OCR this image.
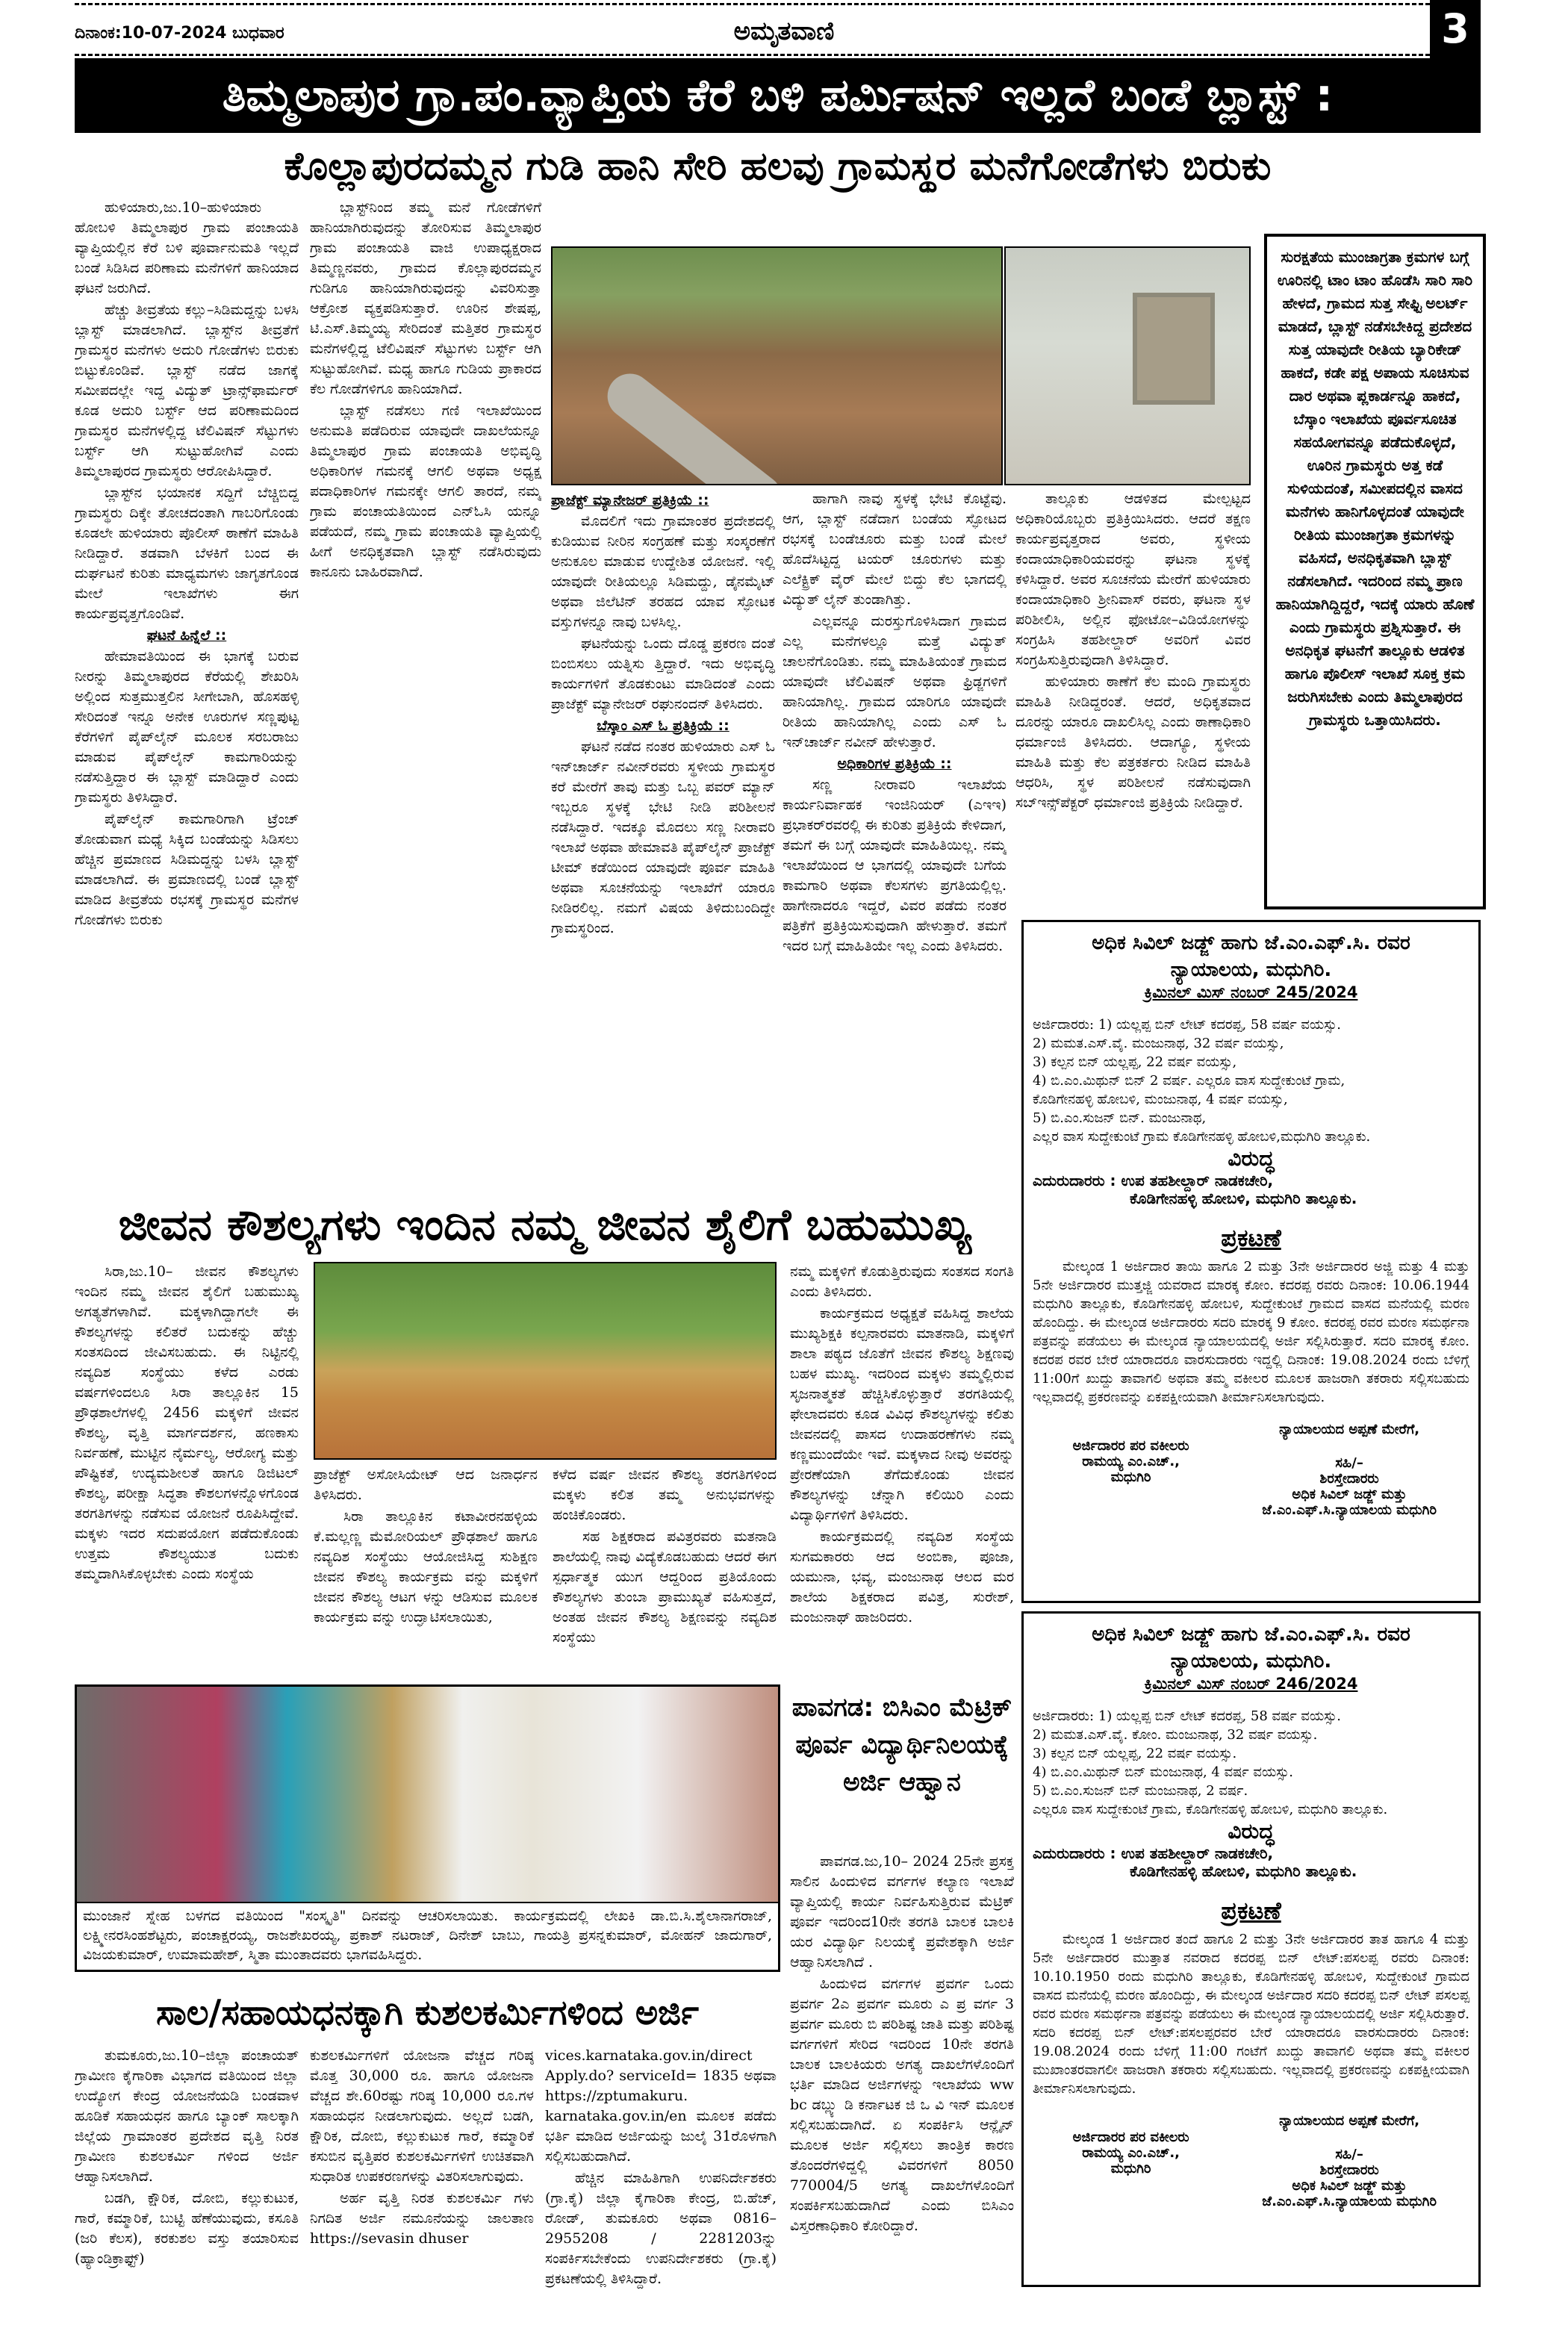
ದಿನಾಂಕ:10-07-2024 ಬುಧವಾರ	ಅಮೃತವಾಣಿ	3
ತಿಮ್ಮಲಾಪುರ ಗ್ರಾ.ಪಂ.ವ್ಯಾಪ್ತಿಯ ಕೆರೆ ಬಳಿ ಪರ್ಮಿಷನ್ ಇಲ್ಲದೆ ಬಂಡೆ ಬ್ಲಾಸ್ಟ್ :
ಕೊಲ್ಲಾಪುರದಮ್ಮನ ಗುಡಿ ಹಾನಿ ಸೇರಿ ಹಲವು ಗ್ರಾಮಸ್ಥರ ಮನೆಗೋಡೆಗಳು ಬಿರುಕು

ಹುಳಿಯಾರು,ಜು.10–ಹುಳಿಯಾರು ಹೋಬಳಿ ತಿಮ್ಮಲಾಪುರ ಗ್ರಾಮ ಪಂಚಾಯತಿ ವ್ಯಾಪ್ತಿಯಲ್ಲಿನ ಕೆರೆ ಬಳಿ ಪೂರ್ವಾನುಮತಿ ಇಲ್ಲದೆ ಬಂಡೆ ಸಿಡಿಸಿದ ಪರಿಣಾಮ ಮನೆಗಳಿಗೆ ಹಾನಿಯಾದ ಘಟನೆ ಜರುಗಿದೆ.

ಹೆಚ್ಚು ತೀವ್ರತೆಯ ಕಲ್ಲು–ಸಿಡಿಮದ್ದನ್ನು ಬಳಸಿ ಬ್ಲಾಸ್ಟ್ ಮಾಡಲಾಗಿದೆ. ಬ್ಲಾಸ್ಟ್‌ನ ತೀವ್ರತೆಗೆ ಗ್ರಾಮಸ್ಥರ ಮನೆಗಳು ಅದುರಿ ಗೋಡೆಗಳು ಬಿರುಕು ಬಿಟ್ಟುಕೊಂಡಿವೆ. ಬ್ಲಾಸ್ಟ್ ನಡೆದ ಜಾಗಕ್ಕೆ ಸಮೀಪದಲ್ಲೇ ಇದ್ದ ವಿದ್ಯುತ್ ಟ್ರಾನ್ಸ್‌ಫಾರ್ಮರ್ ಕೂಡ ಅದುರಿ ಬರ್ಸ್ಟ್ ಆದ ಪರಿಣಾಮದಿಂದ ಗ್ರಾಮಸ್ಥರ ಮನೆಗಳಲ್ಲಿದ್ದ ಟೆಲಿವಿಷನ್ ಸೆಟ್ಟುಗಳು ಬರ್ಸ್ಟ್ ಆಗಿ ಸುಟ್ಟುಹೋಗಿವೆ ಎಂದು ತಿಮ್ಮಲಾಪುರದ ಗ್ರಾಮಸ್ಥರು ಆರೋಪಿಸಿದ್ದಾರೆ.

ಬ್ಲಾಸ್ಟ್‌ನ ಭಯಾನಕ ಸದ್ದಿಗೆ ಬೆಚ್ಚಿಬಿದ್ದ ಗ್ರಾಮಸ್ಥರು ದಿಕ್ಕೇ ತೋಚದಂತಾಗಿ ಗಾಬರಿಗೊಂಡು ಕೂಡಲೇ ಹುಳಿಯಾರು ಪೊಲೀಸ್ ಠಾಣೆಗೆ ಮಾಹಿತಿ ನೀಡಿದ್ದಾರೆ. ತಡವಾಗಿ ಬೆಳಕಿಗೆ ಬಂದ ಈ ದುರ್ಘಟನೆ ಕುರಿತು ಮಾಧ್ಯಮಗಳು ಜಾಗೃತಗೊಂಡ ಮೇಲೆ ಇಲಾಖೆಗಳು ಈಗ ಕಾರ್ಯಪ್ರವೃತ್ತಗೊಂಡಿವೆ.

ಘಟನೆ ಹಿನ್ನೆಲೆ ::

ಹೇಮಾವತಿಯಿಂದ ಈ ಭಾಗಕ್ಕೆ ಬರುವ ನೀರನ್ನು ತಿಮ್ಮಲಾಪುರದ ಕೆರೆಯಲ್ಲಿ ಶೇಖರಿಸಿ ಅಲ್ಲಿಂದ ಸುತ್ತಮುತ್ತಲಿನ ಸೀಗೇಬಾಗಿ, ಹೊಸಹಳ್ಳಿ ಸೇರಿದಂತೆ ಇನ್ನೂ ಅನೇಕ ಊರುಗಳ ಸಣ್ಣಪುಟ್ಟ ಕೆರೆಗಳಿಗೆ ಪೈಪ್‌ಲೈನ್ ಮೂಲಕ ಸರಬರಾಜು ಮಾಡುವ ಪೈಪ್‌ಲೈನ್ ಕಾಮಗಾರಿಯನ್ನು ನಡೆಸುತ್ತಿದ್ದಾರ ಈ ಬ್ಲಾಸ್ಟ್ ಮಾಡಿದ್ದಾರೆ ಎಂದು ಗ್ರಾಮಸ್ಥರು ತಿಳಿಸಿದ್ದಾರೆ.

ಪೈಪ್‌ಲೈನ್ ಕಾಮಗಾರಿಗಾಗಿ ಟ್ರೆಂಚ್ ತೋಡುವಾಗ ಮಧ್ಯೆ ಸಿಕ್ಕಿದ ಬಂಡೆಯನ್ನು ಸಿಡಿಸಲು ಹೆಚ್ಚಿನ ಪ್ರಮಾಣದ ಸಿಡಿಮದ್ದನ್ನು ಬಳಸಿ ಬ್ಲಾಸ್ಟ್ ಮಾಡಲಾಗಿದೆ. ಈ ಪ್ರಮಾಣದಲ್ಲಿ ಬಂಡೆ ಬ್ಲಾಸ್ಟ್ ಮಾಡಿದ ತೀವ್ರತೆಯ ರಭಸಕ್ಕೆ ಗ್ರಾಮಸ್ಥರ ಮನೆಗಳ ಗೋಡೆಗಳು ಬಿರುಕು

ಬ್ಲಾಸ್ಟ್‌ನಿಂದ ತಮ್ಮ ಮನೆ ಗೋಡೆಗಳಿಗೆ ಹಾನಿಯಾಗಿರುವುದನ್ನು ತೋರಿಸುವ ತಿಮ್ಮಲಾಪುರ ಗ್ರಾಮ ಪಂಚಾಯತಿ ವಾಜಿ ಉಪಾಧ್ಯಕ್ಷರಾದ ತಿಮ್ಮಣ್ಣನವರು, ಗ್ರಾಮದ ಕೊಲ್ಲಾಪುರದಮ್ಮನ ಗುಡಿಗೂ ಹಾನಿಯಾಗಿರುವುದನ್ನು ವಿವರಿಸುತ್ತಾ ಆಕ್ರೋಶ ವ್ಯಕ್ತಪಡಿಸುತ್ತಾರೆ. ಊರಿನ ಶೇಷಪ್ಪ, ಟಿ.ಎಸ್.ತಿಮ್ಮಯ್ಯ ಸೇರಿದಂತೆ ಮತ್ತಿತರ ಗ್ರಾಮಸ್ಥರ ಮನೆಗಳಲ್ಲಿದ್ದ ಟೆಲಿವಿಷನ್ ಸೆಟ್ಟುಗಳು ಬರ್ಸ್ಟ್ ಆಗಿ ಸುಟ್ಟುಹೋಗಿವೆ. ಮಧ್ಯ ಹಾಗೂ ಗುಡಿಯ ಪ್ರಾಕಾರದ ಕೆಲ ಗೋಡೆಗಳಿಗೂ ಹಾನಿಯಾಗಿದೆ.

ಬ್ಲಾಸ್ಟ್ ನಡೆಸಲು ಗಣಿ ಇಲಾಖೆಯಿಂದ ಅನುಮತಿ ಪಡೆದಿರುವ ಯಾವುದೇ ದಾಖಲೆಯನ್ನೂ ತಿಮ್ಮಲಾಪುರ ಗ್ರಾಮ ಪಂಚಾಯತಿ ಅಭಿವೃದ್ಧಿ ಅಧಿಕಾರಿಗಳ ಗಮನಕ್ಕೆ ಆಗಲಿ ಅಥವಾ ಅಧ್ಯಕ್ಷ ಪದಾಧಿಕಾರಿಗಳ ಗಮನಕ್ಕೇ ಆಗಲಿ ತಾರದೆ, ನಮ್ಮ ಗ್ರಾಮ ಪಂಚಾಯತಿಯಿಂದ ಎನ್‌ಓಸಿ ಯನ್ನೂ ಪಡೆಯದೆ, ನಮ್ಮ ಗ್ರಾಮ ಪಂಚಾಯತಿ ವ್ಯಾಪ್ತಿಯಲ್ಲಿ ಹೀಗೆ ಅನಧಿಕೃತವಾಗಿ ಬ್ಲಾಸ್ಟ್ ನಡೆಸಿರುವುದು ಕಾನೂನು ಬಾಹಿರವಾಗಿದೆ.

ಪ್ರಾಜೆಕ್ಟ್ ಮ್ಯಾನೇಜರ್ ಪ್ರತಿಕ್ರಿಯೆ ::

ಮೊದಲಿಗೆ ಇದು ಗ್ರಾಮಾಂತರ ಪ್ರದೇಶದಲ್ಲಿ ಕುಡಿಯುವ ನೀರಿನ ಸಂಗ್ರಹಣೆ ಮತ್ತು ಸಂಸ್ಕರಣೆಗೆ ಅನುಕೂಲ ಮಾಡುವ ಉದ್ದೇಶಿತ ಯೋಜನೆ. ಇಲ್ಲಿ ಯಾವುದೇ ರೀತಿಯಲ್ಲೂ ಸಿಡಿಮದ್ದು, ಡೈನಮೈಟ್ ಅಥವಾ ಜಿಲೆಟಿನ್ ತರಹದ ಯಾವ ಸ್ಫೋಟಕ ವಸ್ತುಗಳನ್ನೂ ನಾವು ಬಳಸಿಲ್ಲ.

ಘಟನೆಯನ್ನು ಒಂದು ದೊಡ್ಡ ಪ್ರಕರಣ ದಂತೆ ಬಿಂಬಿಸಲು ಯತ್ನಿಸು ತ್ತಿದ್ದಾರೆ. ಇದು ಅಭಿವೃದ್ಧಿ ಕಾರ್ಯಗಳಿಗೆ ತೊಡಕುಂಟು ಮಾಡಿದಂತೆ ಎಂದು ಪ್ರಾಜೆಕ್ಟ್ ಮ್ಯಾನೇಜರ್ ರಘುನಂದನ್ ತಿಳಿಸಿದರು.

ಬೆಸ್ಕಾಂ ಎಸ್ ಓ ಪ್ರತಿಕ್ರಿಯೆ ::

ಘಟನೆ ನಡೆದ ನಂತರ ಹುಳಿಯಾರು ಎಸ್ ಓ ಇನ್‌ಚಾರ್ಜ್ ನವೀನ್‌ರವರು ಸ್ಥಳೀಯ ಗ್ರಾಮಸ್ಥರ ಕರೆ ಮೇರೆಗೆ ತಾವು ಮತ್ತು ಒಬ್ಬ ಪವರ್ ಮ್ಯಾನ್ ಇಬ್ಬರೂ ಸ್ಥಳಕ್ಕೆ ಭೇಟಿ ನೀಡಿ ಪರಿಶೀಲನೆ ನಡೆಸಿದ್ದಾರೆ. ಇದಕ್ಕೂ ಮೊದಲು ಸಣ್ಣ ನೀರಾವರಿ ಇಲಾಖೆ ಅಥವಾ ಹೇಮಾವತಿ ಪೈಪ್‌ಲೈನ್ ಪ್ರಾಜೆಕ್ಟ್ ಟೀಮ್ ಕಡೆಯಿಂದ ಯಾವುದೇ ಪೂರ್ವ ಮಾಹಿತಿ ಅಥವಾ ಸೂಚನೆಯನ್ನು ಇಲಾಖೆಗೆ ಯಾರೂ ನೀಡಿರಲಿಲ್ಲ. ನಮಗೆ ವಿಷಯ ತಿಳಿದುಬಂದಿದ್ದೇ ಗ್ರಾಮಸ್ಥರಿಂದ.

ಹಾಗಾಗಿ ನಾವು ಸ್ಥಳಕ್ಕೆ ಭೇಟಿ ಕೊಟ್ಟೆವು. ಆಗ, ಬ್ಲಾಸ್ಟ್ ನಡೆದಾಗ ಬಂಡೆಯ ಸ್ಫೋಟದ ರಭಸಕ್ಕೆ ಬಂಡೆಚೂರು ಮತ್ತು ಬಂಡೆ ಮೇಲೆ ಹೊದೆಸಿಟ್ಟದ್ದ ಟಯರ್ ಚೂರುಗಳು ಮತ್ತು ಎಲೆಕ್ಟ್ರಿಕ್ ವೈರ್ ಮೇಲೆ ಬಿದ್ದು ಕೆಲ ಭಾಗದಲ್ಲಿ ವಿದ್ಯುತ್ ಲೈನ್ ತುಂಡಾಗಿತ್ತು.

ಎಲ್ಲವನ್ನೂ ದುರಸ್ತುಗೊಳಿಸಿದಾಗ ಗ್ರಾಮದ ಎಲ್ಲ ಮನೆಗಳಲ್ಲೂ ಮತ್ತೆ ವಿದ್ಯುತ್ ಚಾಲನೆಗೊಂಡಿತು. ನಮ್ಮ ಮಾಹಿತಿಯಂತೆ ಗ್ರಾಮದ ಯಾವುದೇ ಟೆಲಿವಿಷನ್ ಅಥವಾ ಫ್ರಿಡ್ಜಗಳಿಗೆ ಹಾನಿಯಾಗಿಲ್ಲ. ಗ್ರಾಮದ ಯಾರಿಗೂ ಯಾವುದೇ ರೀತಿಯ ಹಾನಿಯಾಗಿಲ್ಲ ಎಂದು ಎಸ್ ಓ ಇನ್‌ಚಾರ್ಜ್ ನವೀನ್ ಹೇಳುತ್ತಾರೆ.

ಅಧಿಕಾರಿಗಳ ಪ್ರತಿಕ್ರಿಯೆ ::

ಸಣ್ಣ ನೀರಾವರಿ ಇಲಾಖೆಯ ಕಾರ್ಯನಿರ್ವಾಹಕ ಇಂಜಿನಿಯರ್ (ಎಇಇ) ಪ್ರಭಾಕರ್‌ರವರಲ್ಲಿ ಈ ಕುರಿತು ಪ್ರತಿಕ್ರಿಯೆ ಕೇಳಿದಾಗ, ತಮಗೆ ಈ ಬಗ್ಗೆ ಯಾವುದೇ ಮಾಹಿತಿಯಿಲ್ಲ. ನಮ್ಮ ಇಲಾಖೆಯಿಂದ ಆ ಭಾಗದಲ್ಲಿ ಯಾವುದೇ ಬಗೆಯ ಕಾಮಗಾರಿ ಅಥವಾ ಕೆಲಸಗಳು ಪ್ರಗತಿಯಲ್ಲಿಲ್ಲ. ಹಾಗೇನಾದರೂ ಇದ್ದರೆ, ವಿವರ ಪಡೆದು ನಂತರ ಪತ್ರಿಕೆಗೆ ಪ್ರತಿಕ್ರಿಯಿಸುವುದಾಗಿ ಹೇಳುತ್ತಾರೆ. ತಮಗೆ ಇದರ ಬಗ್ಗೆ ಮಾಹಿತಿಯೇ ಇಲ್ಲ ಎಂದು ತಿಳಿಸಿದರು.

ತಾಲ್ಲೂಕು ಆಡಳಿತದ ಮೇಲ್ಪಟ್ಟದ ಅಧಿಕಾರಿಯೊಬ್ಬರು ಪ್ರತಿಕ್ರಿಯಿಸಿದರು. ಆದರೆ ತಕ್ಷಣ ಕಾರ್ಯಪ್ರವೃತ್ತರಾದ ಅವರು, ಸ್ಥಳೀಯ ಕಂದಾಯಾಧಿಕಾರಿಯವರನ್ನು ಘಟನಾ ಸ್ಥಳಕ್ಕೆ ಕಳಿಸಿದ್ದಾರೆ. ಅವರ ಸೂಚನೆಯ ಮೇರೆಗೆ ಹುಳಿಯಾರು ಕಂದಾಯಾಧಿಕಾರಿ ಶ್ರೀನಿವಾಸ್ ರವರು, ಘಟನಾ ಸ್ಥಳ ಪರಿಶೀಲಿಸಿ, ಅಲ್ಲಿನ ಫೋಟೋ–ವಿಡಿಯೋಗಳನ್ನು ಸಂಗ್ರಹಿಸಿ ತಹಶೀಲ್ದಾರ್ ಅವರಿಗೆ ವಿವರ ಸಂಗ್ರಹಿಸುತ್ತಿರುವುದಾಗಿ ತಿಳಿಸಿದ್ದಾರೆ.

ಹುಳಿಯಾರು ಠಾಣೆಗೆ ಕೆಲ ಮಂದಿ ಗ್ರಾಮಸ್ಥರು ಮಾಹಿತಿ ನೀಡಿದ್ದರಂತೆ. ಆದರೆ, ಅಧಿಕೃತವಾದ ದೂರನ್ನು ಯಾರೂ ದಾಖಲಿಸಿಲ್ಲ ಎಂದು ಠಾಣಾಧಿಕಾರಿ ಧರ್ಮಾಂಜಿ ತಿಳಿಸಿದರು. ಆದಾಗ್ಯೂ, ಸ್ಥಳೀಯ ಮಾಹಿತಿ ಮತ್ತು ಕೆಲ ಪತ್ರಕರ್ತರು ನೀಡಿದ ಮಾಹಿತಿ ಆಧರಿಸಿ, ಸ್ಥಳ ಪರಿಶೀಲನೆ ನಡೆಸುವುದಾಗಿ ಸಬ್‌ಇನ್ಸ್‌ಪೆಕ್ಟರ್ ಧರ್ಮಾಂಜಿ ಪ್ರತಿಕ್ರಿಯೆ ನೀಡಿದ್ದಾರೆ.

ಸುರಕ್ಷತೆಯ ಮುಂಜಾಗ್ರತಾ ಕ್ರಮಗಳ ಬಗ್ಗೆ ಊರಿನಲ್ಲಿ ಟಾಂ ಟಾಂ ಹೊಡೆಸಿ ಸಾರಿ ಸಾರಿ ಹೇಳದೆ, ಗ್ರಾಮದ ಸುತ್ತ ಸೇಫ್ಟಿ ಅಲರ್ಟ್ ಮಾಡದೆ, ಬ್ಲಾಸ್ಟ್ ನಡೆಸಬೇಕಿದ್ದ ಪ್ರದೇಶದ ಸುತ್ತ ಯಾವುದೇ ರೀತಿಯ ಬ್ಯಾರಿಕೇಡ್ ಹಾಕದೆ, ಕಡೇ ಪಕ್ಷ ಅಪಾಯ ಸೂಚಿಸುವ ದಾರ ಅಥವಾ ಪ್ಲಕಾರ್ಡನ್ನೂ ಹಾಕದೆ, ಬೆಸ್ಕಾಂ ಇಲಾಖೆಯ ಪೂರ್ವಸೂಚಿತ ಸಹಯೋಗವನ್ನೂ ಪಡೆದುಕೊಳ್ಳದೆ, ಊರಿನ ಗ್ರಾಮಸ್ಥರು ಅತ್ತ ಕಡೆ ಸುಳಿಯದಂತೆ, ಸಮೀಪದಲ್ಲಿನ ವಾಸದ ಮನೆಗಳು ಹಾನಿಗೊಳ್ಳದಂತೆ ಯಾವುದೇ ರೀತಿಯ ಮುಂಜಾಗ್ರತಾ ಕ್ರಮಗಳನ್ನು ವಹಿಸದೆ, ಅನಧಿಕೃತವಾಗಿ ಬ್ಲಾಸ್ಟ್ ನಡೆಸಲಾಗಿದೆ. ಇದರಿಂದ ನಮ್ಮ ಪ್ರಾಣ ಹಾನಿಯಾಗಿದ್ದಿದ್ದರೆ, ಇದಕ್ಕೆ ಯಾರು ಹೊಣೆ ಎಂದು ಗ್ರಾಮಸ್ಥರು ಪ್ರಶ್ನಿಸುತ್ತಾರೆ. ಈ ಅನಧಿಕೃತ ಘಟನೆಗೆ ತಾಲ್ಲೂಕು ಆಡಳಿತ ಹಾಗೂ ಪೊಲೀಸ್ ಇಲಾಖೆ ಸೂಕ್ತ ಕ್ರಮ ಜರುಗಿಸಬೇಕು ಎಂದು ತಿಮ್ಮಲಾಪುರದ ಗ್ರಾಮಸ್ಥರು ಒತ್ತಾಯಿಸಿದರು.
ಅಧಿಕ ಸಿವಿಲ್ ಜಡ್ಜ್ ಹಾಗು ಜೆ.ಎಂ.ಎಫ್.ಸಿ. ರವರ
ನ್ಯಾಯಾಲಯ, ಮಧುಗಿರಿ.
ಕ್ರಿಮಿನಲ್ ಮಿಸ್ ನಂಬರ್ 245/2024
ಅರ್ಜಿದಾರರು: 1) ಯಲ್ಲಪ್ಪ ಬಿನ್ ಲೇಟ್ ಕದರಪ್ಪ, 58 ವರ್ಷ ವಯಸ್ಸು.
2) ಮಮತ.ಎಸ್.ವೈ. ಮಂಜುನಾಥ, 32 ವರ್ಷ ವಯಸ್ಸು,
3) ಕಲ್ಪನ ಬಿನ್ ಯಲ್ಲಪ್ಪ, 22 ವರ್ಷ ವಯಸ್ಸು,
4) ಬಿ.ಎಂ.ಮಿಥುನ್ ಬಿನ್ 2 ವರ್ಷ. ಎಲ್ಲರೂ ವಾಸ ಸುದ್ದೇಕುಂಟೆ ಗ್ರಾಮ,
ಕೊಡಿಗೇನಹಳ್ಳಿ ಹೋಬಳಿ, ಮಂಜುನಾಥ, 4 ವರ್ಷ ವಯಸ್ಸು,
5) ಬಿ.ಎಂ.ಸುಜನ್ ಬಿನ್. ಮಂಜುನಾಥ,
ಎಲ್ಲರ ವಾಸ ಸುದ್ದೇಕುಂಟೆ ಗ್ರಾಮ ಕೊಡಿಗೇನಹಳ್ಳಿ ಹೋಬಳಿ,ಮಧುಗಿರಿ ತಾಲ್ಲೂಕು.
ವಿರುದ್ಧ
ಎದುರುದಾರರು : ಉಪ ತಹಶೀಲ್ದಾರ್ ನಾಡಕಚೇರಿ,
ಕೊಡಿಗೇನಹಳ್ಳಿ ಹೋಬಳಿ, ಮಧುಗಿರಿ ತಾಲ್ಲೂಕು.
ಪ್ರಕಟಣೆ
ಮೇಲ್ಕಂಡ 1 ಅರ್ಜಿದಾರ ತಾಯಿ ಹಾಗೂ 2 ಮತ್ತು 3ನೇ ಅರ್ಜಿದಾರರ ಅಜ್ಜಿ ಮತ್ತು 4 ಮತ್ತು 5ನೇ ಅರ್ಜಿದಾರರ ಮುತ್ತಜ್ಜಿ ಯವರಾದ ಮಾರಕ್ಕ ಕೋಂ. ಕದರಪ್ಪ ರವರು ದಿನಾಂಕ: 10.06.1944 ಮಧುಗಿರಿ ತಾಲ್ಲೂಕು, ಕೊಡಿಗೇನಹಳ್ಳಿ ಹೋಬಳಿ, ಸುದ್ದೇಕುಂಟೆ ಗ್ರಾಮದ ವಾಸದ ಮನೆಯಲ್ಲಿ ಮರಣ ಹೊಂದಿದ್ದು. ಈ ಮೇಲ್ಕಂಡ ಅರ್ಜಿದಾರರು ಸದರಿ ಮಾರಕ್ಕ 9 ಕೋಂ. ಕದರಪ್ಪ ರವರ ಮರಣ ಸಮರ್ಥನಾ ಪತ್ರವನ್ನು ಪಡೆಯಲು ಈ ಮೇಲ್ಕಂಡ ನ್ಯಾಯಾಲಯದಲ್ಲಿ ಅರ್ಜಿ ಸಲ್ಲಿಸಿರುತ್ತಾರೆ. ಸದರಿ ಮಾರಕ್ಕ ಕೋಂ. ಕದರಪ ರವರ ಬೇರೆ ಯಾರಾದರೂ ವಾರಸುದಾರರು ಇದ್ದಲ್ಲಿ ದಿನಾಂಕ: 19.08.2024 ರಂದು ಬೆಳಿಗ್ಗೆ 11:00ಗೆ ಖುದ್ದು ತಾವಾಗಲಿ ಅಥವಾ ತಮ್ಮ ವಕೀಲರ ಮೂಲಕ ಹಾಜರಾಗಿ ತಕರಾರು ಸಲ್ಲಿಸಬಹುದು ಇಲ್ಲವಾದಲ್ಲಿ ಪ್ರಕರಣವನ್ನು ಏಕಪಕ್ಷೀಯವಾಗಿ ತೀರ್ಮಾನಿಸಲಾಗುವುದು.
ಅರ್ಜಿದಾರರ ಪರ ವಕೀಲರು
ರಾಮಯ್ಯ ಎಂ.ಎಚ್.,
ಮಧುಗಿರಿ
ನ್ಯಾಯಾಲಯದ ಅಪ್ಪಣೆ ಮೇರೆಗೆ,
ಸಹಿ/–
ಶಿರಸ್ತೇದಾರರು
ಅಧಿಕ ಸಿವಿಲ್ ಜಡ್ಜ್ ಮತ್ತು
ಜೆ.ಎಂ.ಎಫ್.ಸಿ.ನ್ಯಾಯಾಲಯ ಮಧುಗಿರಿ
ಅಧಿಕ ಸಿವಿಲ್ ಜಡ್ಜ್ ಹಾಗು ಜೆ.ಎಂ.ಎಫ್.ಸಿ. ರವರ
ನ್ಯಾಯಾಲಯ, ಮಧುಗಿರಿ.
ಕ್ರಿಮಿನಲ್ ಮಿಸ್ ನಂಬರ್ 246/2024
ಅರ್ಜಿದಾರರು: 1) ಯಲ್ಲಪ್ಪ ಬಿನ್ ಲೇಟ್ ಕದರಪ್ಪ, 58 ವರ್ಷ ವಯಸ್ಸು.
2) ಮಮತ.ಎಸ್.ವೈ. ಕೋಂ. ಮಂಜುನಾಥ, 32 ವರ್ಷ ವಯಸ್ಸು.
3) ಕಲ್ಪನ ಬಿನ್ ಯಲ್ಲಪ್ಪ, 22 ವರ್ಷ ವಯಸ್ಸು.
4) ಬಿ.ಎಂ.ಮಿಥುನ್ ಬಿನ್ ಮಂಜುನಾಥ, 4 ವರ್ಷ ವಯಸ್ಸು.
5) ಬಿ.ಎಂ.ಸುಜನ್ ಬಿನ್ ಮಂಜುನಾಥ, 2 ವರ್ಷ.
ಎಲ್ಲರೂ ವಾಸ ಸುದ್ದೇಕುಂಟೆ ಗ್ರಾಮ, ಕೊಡಿಗೇನಹಳ್ಳಿ ಹೋಬಳಿ, ಮಧುಗಿರಿ ತಾಲ್ಲೂಕು.
ವಿರುದ್ಧ
ಎದುರುದಾರರು : ಉಪ ತಹಶೀಲ್ದಾರ್ ನಾಡಕಚೇರಿ,
ಕೊಡಿಗೇನಹಳ್ಳಿ ಹೋಬಳಿ, ಮಧುಗಿರಿ ತಾಲ್ಲೂಕು.
ಪ್ರಕಟಣೆ
ಮೇಲ್ಕಂಡ 1 ಅರ್ಜಿದಾರ ತಂದೆ ಹಾಗೂ 2 ಮತ್ತು 3ನೇ ಅರ್ಜಿದಾರರ ತಾತ ಹಾಗೂ 4 ಮತ್ತು 5ನೇ ಅರ್ಜಿದಾರರ ಮುತ್ತಾತ ನವರಾದ ಕದರಪ್ಪ ಬಿನ್ ಲೇಟ್:ಪಸಲಪ್ಪ ರವರು ದಿನಾಂಕ: 10.10.1950 ರಂದು ಮಧುಗಿರಿ ತಾಲ್ಲೂಕು, ಕೊಡಿಗೇನಹಳ್ಳಿ ಹೋಬಳಿ, ಸುದ್ದೇಕುಂಟೆ ಗ್ರಾಮದ ವಾಸದ ಮನೆಯಲ್ಲಿ ಮರಣ ಹೊಂದಿದ್ದು, ಈ ಮೇಲ್ಕಂಡ ಅರ್ಜಿದಾರ ಸದರಿ ಕದರಪ್ಪ ಬಿನ್ ಲೇಟ್ ಪಸಲಪ್ಪ ರವರ ಮರಣ ಸಮರ್ಥನಾ ಪತ್ರವನ್ನು ಪಡೆಯಲು ಈ ಮೇಲ್ಕಂಡ ನ್ಯಾಯಾಲಯದಲ್ಲಿ ಅರ್ಜಿ ಸಲ್ಲಿಸಿರುತ್ತಾರೆ. ಸದರಿ ಕದರಪ್ಪ ಬಿನ್ ಲೇಟ್:ಪಸಲಪ್ಪರವರ ಬೇರೆ ಯಾರಾದರೂ ವಾರಸುದಾರರು ದಿನಾಂಕ: 19.08.2024 ರಂದು ಬೆಳಿಗ್ಗೆ 11:00 ಗಂಟೆಗೆ ಖುದ್ದು ತಾವಾಗಲಿ ಅಥವಾ ತಮ್ಮ ವಕೀಲರ ಮುಖಾಂತರವಾಗಲೀ ಹಾಜರಾಗಿ ತಕರಾರು ಸಲ್ಲಿಸಬಹುದು. ಇಲ್ಲವಾದಲ್ಲಿ ಪ್ರಕರಣವನ್ನು ಏಕಪಕ್ಷೀಯವಾಗಿ ತೀರ್ಮಾನಿಸಲಾಗುವುದು.
ಅರ್ಜಿದಾರರ ಪರ ವಕೀಲರು
ರಾಮಯ್ಯ ಎಂ.ಎಚ್.,
ಮಧುಗಿರಿ
ನ್ಯಾಯಾಲಯದ ಅಪ್ಪಣೆ ಮೇರೆಗೆ,
ಸಹಿ/–
ಶಿರಸ್ತೇದಾರರು
ಅಧಿಕ ಸಿವಿಲ್ ಜಡ್ಜ್ ಮತ್ತು
ಜೆ.ಎಂ.ಎಫ್.ಸಿ.ನ್ಯಾಯಾಲಯ ಮಧುಗಿರಿ
ಜೀವನ ಕೌಶಲ್ಯಗಳು ಇಂದಿನ ನಮ್ಮ ಜೀವನ ಶೈಲಿಗೆ ಬಹುಮುಖ್ಯ

ಸಿರಾ,ಜು.10– ಜೀವನ ಕೌಶಲ್ಯಗಳು ಇಂದಿನ ನಮ್ಮ ಜೀವನ ಶೈಲಿಗೆ ಬಹುಮುಖ್ಯ ಅಗತ್ಯತೆಗಳಾಗಿವೆ. ಮಕ್ಕಳಾಗಿದ್ದಾಗಲೇ ಈ ಕೌಶಲ್ಯಗಳನ್ನು ಕಲಿತರೆ ಬದುಕನ್ನು ಹೆಚ್ಚು ಸಂತಸದಿಂದ ಜೀವಿಸಬಹುದು. ಈ ನಿಟ್ಟಿನಲ್ಲಿ ನವ್ಯದಿಶ ಸಂಸ್ಥೆಯು ಕಳೆದ ಎರಡು ವರ್ಷಗಳಿಂದಲೂ ಸಿರಾ ತಾಲ್ಲೂಕಿನ 15 ಪ್ರೌಢಶಾಲೆಗಳಲ್ಲಿ 2456 ಮಕ್ಕಳಿಗೆ ಜೀವನ ಕೌಶಲ್ಯ, ವೃತ್ತಿ ಮಾರ್ಗದರ್ಶನ, ಹಣಕಾಸು ನಿರ್ವಹಣೆ, ಮುಟ್ಟಿನ ನೈರ್ಮಲ್ಯ, ಆರೋಗ್ಯ ಮತ್ತು ಪೌಷ್ಟಿಕತೆ, ಉದ್ಯಮಶೀಲತೆ ಹಾಗೂ ಡಿಜಿಟಲ್ ಕೌಶಲ್ಯ, ಪರೀಕ್ಷಾ ಸಿದ್ಧತಾ ಕೌಶಲಗಳನ್ನೊಳಗೊಂಡ ತರಗತಿಗಳನ್ನು ನಡೆಸುವ ಯೋಜನೆ ರೂಪಿಸಿದ್ದೇವೆ. ಮಕ್ಕಳು ಇದರ ಸದುಪಯೋಗ ಪಡೆದುಕೊಂಡು ಉತ್ತಮ ಕೌಶಲ್ಯಯುತ ಬದುಕು ತಮ್ಮದಾಗಿಸಿಕೊಳ್ಳಬೇಕು ಎಂದು ಸಂಸ್ಥೆಯ

ಪ್ರಾಜೆಕ್ಟ್ ಅಸೋಸಿಯೇಟ್ ಆದ ಜನಾರ್ಧನ ತಿಳಿಸಿದರು.

ಸಿರಾ ತಾಲ್ಲೂಕಿನ ಕಟಾವೀರನಹಳ್ಳಿಯ ಕೆ.ಮಲ್ಲಣ್ಣ ಮೆಮೋರಿಯಲ್ ಪ್ರೌಢಶಾಲೆ ಹಾಗೂ ನವ್ಯದಿಶ ಸಂಸ್ಥೆಯು ಆಯೋಜಿಸಿದ್ದ ಸುಶಿಕ್ಷಣ ಜೀವನ ಕೌಶಲ್ಯ ಕಾರ್ಯಕ್ರಮ ವನ್ನು ಮಕ್ಕಳಿಗೆ ಜೀವನ ಕೌಶಲ್ಯ ಆಟಗ ಳನ್ನು ಆಡಿಸುವ ಮೂಲಕ ಕಾರ್ಯಕ್ರಮ ವನ್ನು ಉದ್ಘಾಟಿಸಲಾಯಿತು,

ಕಳೆದ ವರ್ಷ ಜೀವನ ಕೌಶಲ್ಯ ತರಗತಿಗಳಿಂದ ಮಕ್ಕಳು ಕಲಿತ ತಮ್ಮ ಅನುಭವಗಳನ್ನು ಹಂಚಿಕೊಂಡರು.

ಸಹ ಶಿಕ್ಷಕರಾದ ಪವಿತ್ರರವರು ಮತನಾಡಿ ಶಾಲೆಯಲ್ಲಿ ನಾವು ವಿದ್ಯೆಕೊಡಬಹುದು ಆದರೆ ಈಗ ಸ್ಪರ್ಧಾತ್ಮಕ ಯುಗ ಆದ್ದರಿಂದ ಪ್ರತಿಯೊಂದು ಕೌಶಲ್ಯಗಳು ತುಂಬಾ ಪ್ರಾಮುಖ್ಯತೆ ವಹಿಸುತ್ತದೆ, ಅಂತಹ ಜೀವನ ಕೌಶಲ್ಯ ಶಿಕ್ಷಣವನ್ನು ನವ್ಯದಿಶ ಸಂಸ್ಥೆಯು

ನಮ್ಮ ಮಕ್ಕಳಿಗೆ ಕೊಡುತ್ತಿರುವುದು ಸಂತಸದ ಸಂಗತಿ ಎಂದು ತಿಳಿಸಿದರು.

ಕಾರ್ಯಕ್ರಮದ ಅಧ್ಯಕ್ಷತೆ ವಹಿಸಿದ್ದ ಶಾಲೆಯ ಮುಖ್ಯಶಿಕ್ಷಕಿ ಕಲ್ಪನಾರವರು ಮಾತನಾಡಿ, ಮಕ್ಕಳಿಗೆ ಶಾಲಾ ಪಠ್ಯದ ಜೊತೆಗೆ ಜೀವನ ಕೌಶಲ್ಯ ಶಿಕ್ಷಣವು ಬಹಳ ಮುಖ್ಯ. ಇದರಿಂದ ಮಕ್ಕಳು ತಮ್ಮಲ್ಲಿರುವ ಸೃಜನಾತ್ಮಕತೆ ಹೆಚ್ಚಿಸಿಕೊಳ್ಳುತ್ತಾರೆ ತರಗತಿಯಲ್ಲಿ ಫೇಲಾದವರು ಕೂಡ ವಿವಿಧ ಕೌಶಲ್ಯಗಳನ್ನು ಕಲಿತು ಜೀವನದಲ್ಲಿ ಪಾಸದ ಉದಾಹರಣೆಗಳು ನಮ್ಮ ಕಣ್ಣಮುಂದೆಯೇ ಇವೆ. ಮಕ್ಕಳಾದ ನೀವು ಅವರನ್ನು ಪ್ರೇರಣೆಯಾಗಿ ತೆಗೆದುಕೊಂಡು ಜೀವನ ಕೌಶಲ್ಯಗಳನ್ನು ಚೆನ್ನಾಗಿ ಕಲಿಯಿರಿ ಎಂದು ವಿದ್ಯಾರ್ಥಿಗಳಿಗೆ ತಿಳಿಸಿದರು.

ಕಾರ್ಯಕ್ರಮದಲ್ಲಿ ನವ್ಯದಿಶ ಸಂಸ್ಥೆಯ ಸುಗಮಕಾರರು ಆದ ಅಂಬಿಕಾ, ಪೂಜಾ, ಯಮುನಾ, ಭವ್ಯ, ಮಂಜುನಾಥ ಆಲದ ಮರ ಶಾಲೆಯ ಶಿಕ್ಷಕರಾದ ಪವಿತ್ರ, ಸುರೇಶ್, ಮಂಜುನಾಥ್ ಹಾಜರಿದರು.

ಮುಂಜಾನೆ ಸ್ನೇಹ ಬಳಗದ ವತಿಯಿಂದ "ಸಂಸ್ಕೃತಿ" ದಿನವನ್ನು ಆಚರಿಸಲಾಯಿತು. ಕಾರ್ಯಕ್ರಮದಲ್ಲಿ ಲೇಖಕಿ ಡಾ.ಬಿ.ಸಿ.ಶೈಲಾನಾಗರಾಜ್, ಲಕ್ಷ್ಮೀನರಸಿಂಹಶೆಟ್ಟರು, ಪಂಚಾಕ್ಷರಯ್ಯ, ರಾಜಶೇಖರಯ್ಯ, ಪ್ರಕಾಶ್ ನಟರಾಜ್, ದಿನೇಶ್ ಬಾಬು, ಗಾಯತ್ರಿ ಪ್ರಸನ್ನಕುಮಾರ್, ಮೋಹನ್ ಜಾದುಗಾರ್, ವಿಜಯಕುಮಾರ್, ಉಮಾಮಹೇಶ್, ಸ್ಮಿತಾ ಮುಂತಾದವರು ಭಾಗವಹಿಸಿದ್ದರು.
ಪಾವಗಡ: ಬಿಸಿಎಂ ಮೆಟ್ರಿಕ್ ಪೂರ್ವ ವಿದ್ಯಾರ್ಥಿನಿಲಯಕ್ಕೆ ಅರ್ಜಿ ಆಹ್ವಾನ

ಪಾವಗಡ.ಜು,10– 2024 25ನೇ ಪ್ರಸಕ್ತ ಸಾಲಿನ ಹಿಂದುಳಿದ ವರ್ಗಗಳ ಕಲ್ಯಾಣ ಇಲಾಖೆ ವ್ಯಾಪ್ತಿಯಲ್ಲಿ ಕಾರ್ಯ ನಿರ್ವಹಿಸುತ್ತಿರುವ ಮೆಟ್ರಿಕ್ ಪೂರ್ವ ಇದರಿಂದ10ನೇ ತರಗತಿ ಬಾಲಕ ಬಾಲಕಿ ಯರ ವಿದ್ಯಾರ್ಥಿ ನಿಲಯಕ್ಕೆ ಪ್ರವೇಶಕ್ಕಾಗಿ ಅರ್ಜಿ ಆಹ್ವಾನಿಸಲಾಗಿದೆ .

ಹಿಂದುಳಿದ ವರ್ಗಗಳ ಪ್ರವರ್ಗ ಒಂದು ಪ್ರವರ್ಗ 2ಎ ಪ್ರವರ್ಗ ಮೂರು ಎ ಪ್ರ ವರ್ಗ 3 ಪ್ರವರ್ಗ ಮೂರು ಬಿ ಪರಿಶಿಷ್ಟ ಜಾತಿ ಮತ್ತು ಪರಿಶಿಷ್ಟ ವರ್ಗಗಳಿಗೆ ಸೇರಿದ ಇದರಿಂದ 10ನೇ ತರಗತಿ ಬಾಲಕ ಬಾಲಕಿಯರು ಅಗತ್ಯ ದಾಖಲೆಗಳೊಂದಿಗೆ ಭರ್ತಿ ಮಾಡಿದ ಅರ್ಜಿಗಳನ್ನು ಇಲಾಖೆಯ ww bc ಡಬ್ಲ್ಯು ಡಿ ಕರ್ನಾಟಕ ಜಿ ಒ ವಿ ಇನ್ ಮೂಲಕ ಸಲ್ಲಿಸಬಹುದಾಗಿದೆ. ಏ ಸಂಪರ್ಕಿಸಿ ಆನ್ಲೈನ್ ಮೂಲಕ ಅರ್ಜಿ ಸಲ್ಲಿಸಲು ತಾಂತ್ರಿಕ ಕಾರಣ ತೊಂದರೆಗಳಿದ್ದಲ್ಲಿ ವಿವರಗಳಿಗೆ 8050 770004/5 ಅಗತ್ಯ ದಾಖಲೆಗಳೊಂದಿಗೆ ಸಂಪರ್ಕಿಸಬಹುದಾಗಿದೆ ಎಂದು ಬಿಸಿಎಂ ವಿಸ್ತರಣಾಧಿಕಾರಿ ಕೋರಿದ್ದಾರೆ.

ಸಾಲ/ಸಹಾಯಧನಕ್ಕಾಗಿ ಕುಶಲಕರ್ಮಿಗಳಿಂದ ಅರ್ಜಿ

ತುಮಕೂರು,ಜು.10–ಜಿಲ್ಲಾ ಪಂಚಾಯತ್ ಗ್ರಾಮೀಣ ಕೈಗಾರಿಕಾ ವಿಭಾಗದ ವತಿಯಿಂದ ಜಿಲ್ಲಾ ಉದ್ಯೋಗ ಕೇಂದ್ರ ಯೋಜನೆಯಡಿ ಬಂಡವಾಳ ಹೂಡಿಕೆ ಸಹಾಯಧನ ಹಾಗೂ ಬ್ಯಾಂಕ್ ಸಾಲಕ್ಕಾಗಿ ಜಿಲ್ಲೆಯ ಗ್ರಾಮಾಂತರ ಪ್ರದೇಶದ ವೃತ್ತಿ ನಿರತ ಗ್ರಾಮೀಣ ಕುಶಲಕರ್ಮಿ ಗಳಿಂದ ಅರ್ಜಿ ಆಹ್ವಾನಿಸಲಾಗಿದೆ.

ಬಡಗಿ, ಕ್ಷೌರಿಕ, ದೋಬಿ, ಕಲ್ಲುಕುಟುಕ, ಗಾರೆ, ಕಮ್ಮಾರಿಕೆ, ಬುಟ್ಟಿ ಹೆಣೆಯುವುದು, ಕಸೂತಿ (ಜರಿ ಕೆಲಸ), ಕರಕುಶಲ ವಸ್ತು ತಯಾರಿಸುವ (ಹ್ಯಾಂಡಿಕ್ರಾಫ್ಟ್)

ಕುಶಲಕರ್ಮಿಗಳಿಗೆ ಯೋಜನಾ ವೆಚ್ಚದ ಗರಿಷ್ಠ ಮೊತ್ತ 30,000 ರೂ. ಹಾಗೂ ಯೋಜನಾ ವೆಚ್ಚದ ಶೇ.60ರಷ್ಟು ಗರಿಷ್ಠ 10,000 ರೂ.ಗಳ ಸಹಾಯಧನ ನೀಡಲಾಗುವುದು. ಅಲ್ಲದೆ ಬಡಗಿ, ಕ್ಷೌರಿಕ, ದೋಬಿ, ಕಲ್ಲುಕುಟುಕ ಗಾರೆ, ಕಮ್ಮಾರಿಕೆ ಕಸುಬಿನ ವೃತ್ತಿಪರ ಕುಶಲಕರ್ಮಿಗಳಿಗೆ ಉಚಿತವಾಗಿ ಸುಧಾರಿತ ಉಪಕರಣಗಳನ್ನು ವಿತರಿಸಲಾಗುವುದು.

ಅರ್ಹ ವೃತ್ತಿ ನಿರತ ಕುಶಲಕರ್ಮಿ ಗಳು ನಿಗದಿತ ಅರ್ಜಿ ನಮೂನೆಯನ್ನು ಜಾಲತಾಣ https://sevasin dhuser

vices.karnataka.gov.in/direct Apply.do? serviceId= 1835 ಅಥವಾ https://zptumakuru. karnataka.gov.in/en ಮೂಲಕ ಪಡೆದು ಭರ್ತಿ ಮಾಡಿದ ಅರ್ಜಿಯನ್ನು ಜುಲೈ 31ರೊಳಗಾಗಿ ಸಲ್ಲಿಸಬಹುದಾಗಿದೆ.

ಹೆಚ್ಚಿನ ಮಾಹಿತಿಗಾಗಿ ಉಪನಿರ್ದೇಶಕರು (ಗ್ರಾ.ಕೈ) ಜಿಲ್ಲಾ ಕೈಗಾರಿಕಾ ಕೇಂದ್ರ, ಬಿ.ಹೆಚ್, ರೋಡ್, ತುಮಕೂರು ಅಥವಾ 0816–2955208 / 2281203ನ್ನು ಸಂಪರ್ಕಿಸಬೇಕೆಂದು ಉಪನಿರ್ದೇಶಕರು (ಗ್ರಾ.ಕೈ) ಪ್ರಕಟಣೆಯಲ್ಲಿ ತಿಳಿಸಿದ್ದಾರೆ.
